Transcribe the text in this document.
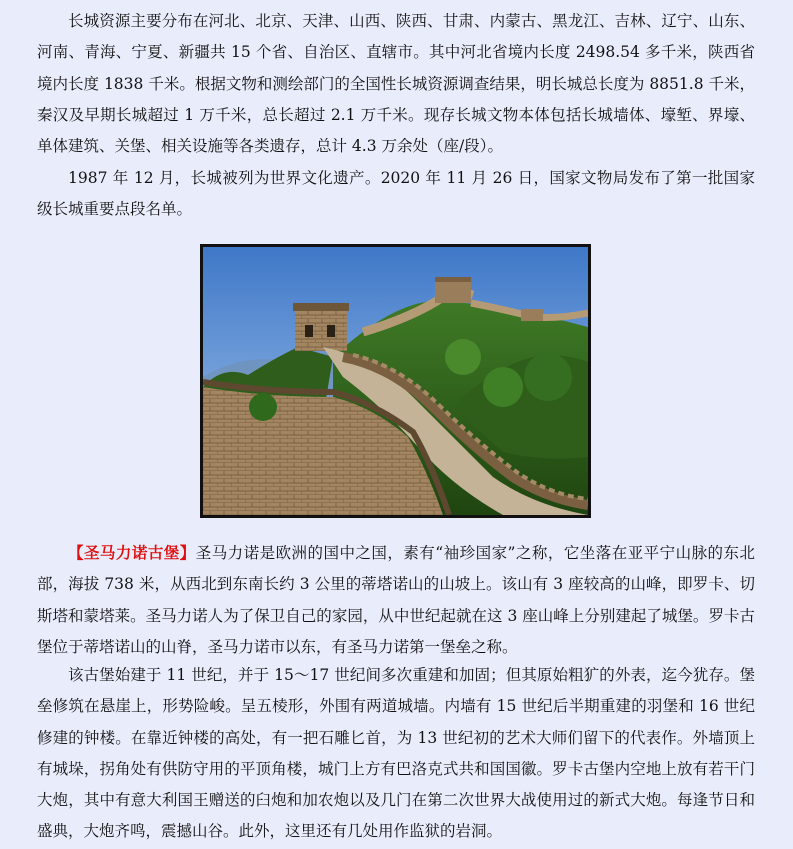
长城资源主要分布在河北、北京、天津、山西、陕西、甘肃、内蒙古、黑龙江、吉林、辽宁、山东、河南、青海、宁夏、新疆共 15 个省、自治区、直辖市。其中河北省境内长度 2498.54 多千米，陕西省境内长度 1838 千米。根据文物和测绘部门的全国性长城资源调查结果，明长城总长度为 8851.8 千米，秦汉及早期长城超过 1 万千米，总长超过 2.1 万千米。现存长城文物本体包括长城墙体、壕堑、界壕、单体建筑、关堡、相关设施等各类遗存，总计 4.3 万余处（座/段）。

1987 年 12 月，长城被列为世界文化遗产。2020 年 11 月 26 日，国家文物局发布了第一批国家级长城重要点段名单。

【圣马力诺古堡】圣马力诺是欧洲的国中之国，素有“袖珍国家”之称，它坐落在亚平宁山脉的东北部，海拔 738 米，从西北到东南长约 3 公里的蒂塔诺山的山坡上。该山有 3 座较高的山峰，即罗卡、切斯塔和蒙塔莱。圣马力诺人为了保卫自己的家园，从中世纪起就在这 3 座山峰上分别建起了城堡。罗卡古堡位于蒂塔诺山的山脊，圣马力诺市以东，有圣马力诺第一堡垒之称。

该古堡始建于 11 世纪，并于 15～17 世纪间多次重建和加固；但其原始粗犷的外表，迄今犹存。堡垒修筑在悬崖上，形势险峻。呈五棱形，外围有两道城墙。内墙有 15 世纪后半期重建的羽堡和 16 世纪修建的钟楼。在靠近钟楼的高处，有一把石雕匕首，为 13 世纪初的艺术大师们留下的代表作。外墙顶上有城垛，拐角处有供防守用的平顶角楼，城门上方有巴洛克式共和国国徽。罗卡古堡内空地上放有若干门大炮，其中有意大利国王赠送的臼炮和加农炮以及几门在第二次世界大战使用过的新式大炮。每逢节日和盛典，大炮齐鸣，震撼山谷。此外，这里还有几处用作监狱的岩洞。
